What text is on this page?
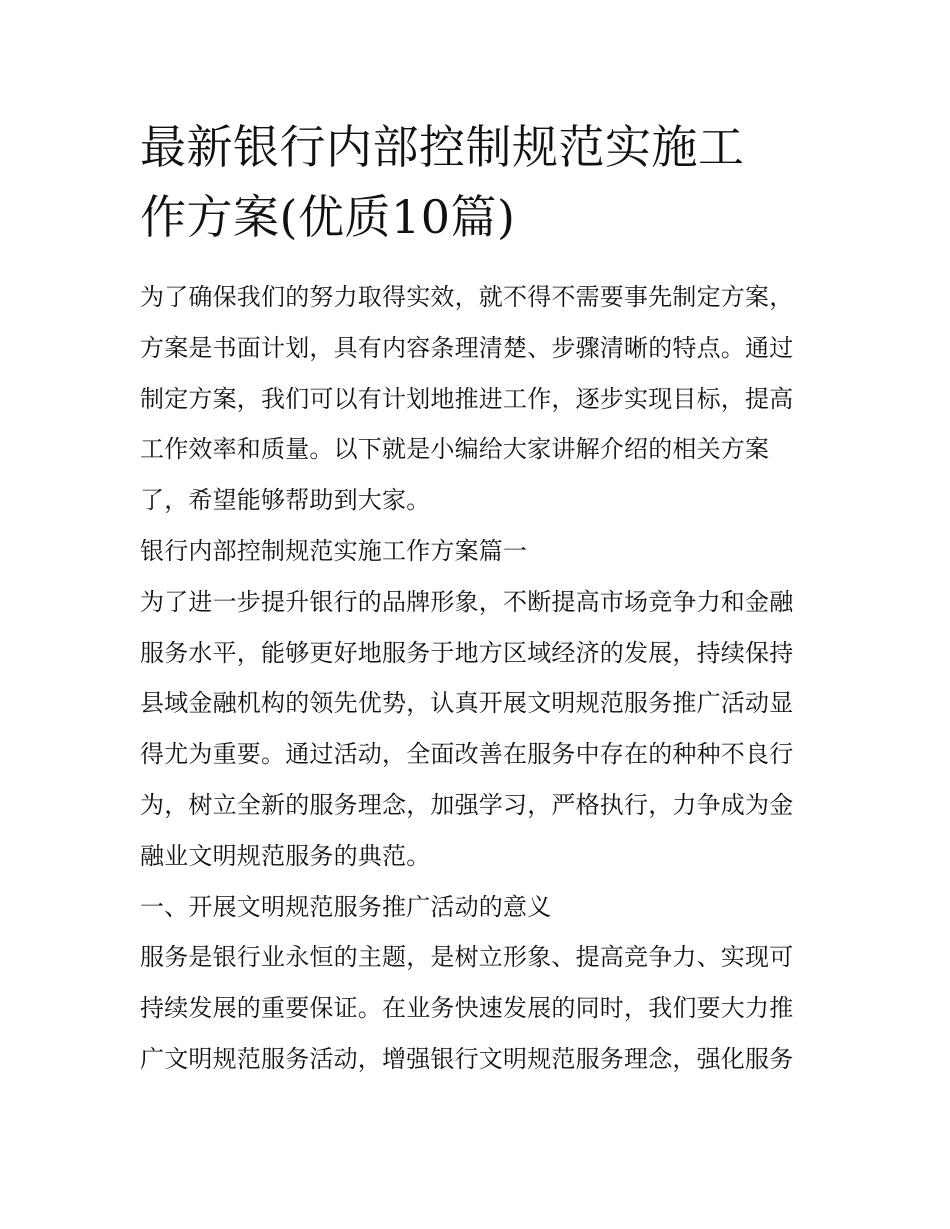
最新银行内部控制规范实施工
作方案(优质10篇)
为了确保我们的努力取得实效，就不得不需要事先制定方案，
方案是书面计划，具有内容条理清楚、步骤清晰的特点。通过
制定方案，我们可以有计划地推进工作，逐步实现目标，提高
工作效率和质量。以下就是小编给大家讲解介绍的相关方案
了，希望能够帮助到大家。
银行内部控制规范实施工作方案篇一
为了进一步提升银行的品牌形象，不断提高市场竞争力和金融
服务水平，能够更好地服务于地方区域经济的发展，持续保持
县域金融机构的领先优势，认真开展文明规范服务推广活动显
得尤为重要。通过活动，全面改善在服务中存在的种种不良行
为，树立全新的服务理念，加强学习，严格执行，力争成为金
融业文明规范服务的典范。
一、开展文明规范服务推广活动的意义
服务是银行业永恒的主题，是树立形象、提高竞争力、实现可
持续发展的重要保证。在业务快速发展的同时，我们要大力推
广文明规范服务活动，增强银行文明规范服务理念，强化服务
